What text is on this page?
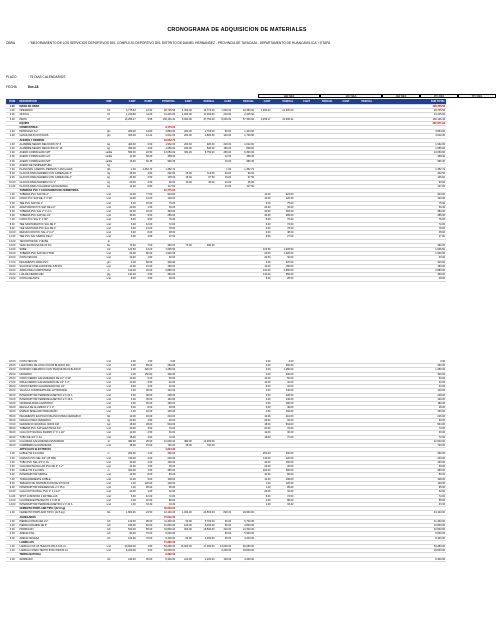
CRONOGRAMA DE ADQUISICION DE MATERIALES
OBRA	: "MEJORAMIENTO DE LOS SERVICIOS DEPORTIVOS DEL COMPLEJO DEPORTIVO DEL DISTRITO DE DANIEL HERNANDEZ - PROVINCIA DE TAYACAJA - DEPARTAMENTO DE HUANCAVELICA" I ETAPA
PLAZO	: 75 DIAS CALENDARIOS
FECHA	Ene-18
1ER MES	2DO MES	3ER MES	4TO MES	5TO MES
ITEM	DESCRIPCION	UND	CANT	P.UNIT	P.PARCIAL	CANT	PARCIAL	CANT	PARCIAL	CANT	PARCIAL	CANT	PARCIAL	CANT	PARCIAL	SUB TOTAL
1.00	MANO DE OBRA															198,458.58
1.00	OPERARIO	hh	3,775.63	12.90	48,705.56	1,300.00	16,770.00	1,500.00	19,350.00	1,000.00	12,900.00					48,705.56
2.00	OFICIAL	hh	1,219.60	11.00	13,415.60	1,000.00	11,000.00	219.60	2,415.60							13,415.60
3.00	PEON	hh	14,256.17	9.55	136,146.42	5,000.00	47,750.00	6,000.00	57,300.00	3,256.17	31,096.42					136,146.42
	EQUIPO															287,871.90
	COMBUSTIBLE				8,476.00											
1.00	PETROLEO D-2	gln	280.00	13.80	3,864.00	200.00	2,760.00	80.00	1,104.00							3,864.00
2.00	GASOLINA 84 OCTANOS	gln	320.00	14.41	4,612.00	200.00	2,882.50	120.00	1,729.50							4,612.00
	ACEROS Y FIERROS				18,062.70											
1.00	ALAMBRE NEGRO RECOCIDO N° 8	kg	420.00	4.60	1,932.00	200.00	920.00	220.00	1,012.00							1,932.00
2.00	ALAMBRE NEGRO RECOCIDO N° 16	kg	360.00	4.60	1,656.00	180.00	828.00	180.00	828.00							1,656.00
3.00	ACERO CORRUGADO 3/8"	varilla	580.00	22.50	13,050.00	300.00	6,750.00	280.00	6,300.00							13,050.00
4.00	ACERO CORRUGADO 1/2"	varilla	12.00	38.20	458.40			12.00	458.40							458.40
5.00	ACERO CORRUGADO 5/8"	varilla	16.00	60.38	966.30			16.00	966.30							966.30
6.00	ACERO DE TEMPERATURA	kg														
7.00	PLANCHAS, ACEROS, PERNOS Y ANCLAJES	glb	1.00	1,352.72	1,352.72			1.00	1,352.72							1,352.72
8.00	CLAVOS PARA MADERA CON CABEZA DE 3"	kg	45.00	4.50	202.50	25.00	112.50	20.00	90.00							202.50
9.00	CLAVOS PARA MADERA CON CABEZA DE 2"	kg	30.00	4.50	135.00	15.00	67.50	15.00	67.50							135.00
10.00	CLAVOS PARA MADERA C/C 4"	kg	20.00	4.50	90.00	10.00	45.00	10.00	45.00							90.00
11.00	CLAVOS PARA CALAMINA GALVANIZADA	kg	12.00	9.80	117.60			12.00	117.60							117.60
	TUBERIAS PVC Y ACCESORIOS DE FERRETERIA				10,775.06											
1.00	TUBERIA PVC SAP DE 4"	und	12.00	77.00	924.00					12.00	924.00					924.00
2.00	CODO PVC SAP DE 4" X 90°	und	10.00	12.00	120.00					10.00	120.00					120.00
3.00	TEE PVC SAP DE 4"	und	5.00	15.00	75.00					5.00	75.00					75.00
4.00	ADAPTADOR PVC SAP DE 1/2"	und	20.00	1.50	30.00					20.00	30.00					30.00
5.00	TUBERIA PVC SAL 2" X 3 m	und	24.00	16.00	384.00					24.00	384.00					384.00
6.00	TUBERIA PVC SAP DE 1/2"	und	30.00	9.50	285.00					30.00	285.00					285.00
7.00	CODO PVC SAL 4" X 90°	und	8.00	9.50	76.00					8.00	76.00					76.00
8.00	TEE SANITARIA PVC SAL DE 4"	und	6.00	12.00	72.00					6.00	72.00					72.00
9.00	YEE SANITARIA PVC SAL DE 4"	und	6.00	13.00	78.00					6.00	78.00					78.00
10.00	REDUCCION PVC SAL 4" A 2"	und	6.00	8.00	48.00					6.00	48.00					48.00
11.00	TEE PVC SAL SIMPLE DE 2"	und	6.00	4.50	27.00					6.00	27.00					27.00
12.00	TECNOPOR DE 1" BASE	pl														
13.00	YESO EN BOLSA DE 20 KG	bls	70.00	7.00	490.00	70.00	490.00									490.00
14.00	SOBE	m2	123.50	13.00	1,605.50					123.50	1,605.50					1,605.50
15.00	TUBERIA PVC SAP DE 6"X5M	und	24.00	80.00	1,920.00					24.00	1,920.00					1,920.00
16.00	CINTA TEFLON	und	20.00	1.50	30.00					20.00	30.00					30.00
17.00	PEGAMENTO PARA PVC	gln	4.00	80.00	320.00					4.00	320.00					320.00
18.00	SILICONA C/SELLADOR DE JUNTAS	und	12.00	15.00	180.00					12.00	180.00					180.00
19.00	ARMA PARA CARPINTERIA	m	144.00	20.00	2,880.00					144.00	2,880.00					2,880.00
20.00	LIJA DE FIERRO #80	plg	144.00	2.50	360.00					144.00	360.00					360.00
21.00	CINTA AISLANTE	und	8.00	3.50	28.00					8.00	28.00					28.00
22.00	CINTA TEFLON	und	2.00	1.50	3.00					2.00	3.00					3.00
23.00	LAVATORIO DE LOSA COLOR BLANCO INC.	und	4.00	65.00	260.00					4.00	260.00					260.00
24.00	INODORO CERAMICO CON TANQUE BAJO BLANCO	und	4.00	320.00	1,280.00					4.00	1,280.00					1,280.00
25.00	URINARIO	und	2.00	150.00	300.00					2.00	300.00					300.00
26.00	CODO FIERRO GALVANIZADO DE 1/2" X 90°	und	10.00	5.00	50.00					10.00	50.00					50.00
27.00	NIPLE FIERRO GALVANIZADO DE 1/2" X 2"	und	12.00	3.50	42.00					12.00	42.00					42.00
28.00	UNION FIERRO GALVANIZADO DE 1/2"	und	8.00	4.00	32.00					8.00	32.00					32.00
29.00	VALVULA COMPUERTA DE 1/2" BRONCE	und	4.00	35.00	140.00					4.00	140.00					140.00
30.00	INTERRUPTOR TERMOMAGNETICO 2 X 20 A	und	6.00	38.00	228.00					6.00	228.00					228.00
31.00	INTERRUPTOR TERMOMAGNETICO 2 X 16 A	und	4.00	35.00	140.00					4.00	140.00					140.00
32.00	GRIFERIA PARA LAVATORIO	und	4.00	45.00	180.00					4.00	180.00					180.00
33.00	REJILLA DE ALUMINIO 2" X 2"	und	6.00	8.00	48.00					6.00	48.00					48.00
34.00	ESPEJO BISELADO PARA BAÑO	und	4.00	40.00	160.00					4.00	160.00					160.00
35.00	PEGAMENTO EN POLVO BLANCO PARA CERAMICO	bls	12.00	18.00	216.00					12.00	216.00					216.00
36.00	FRAGUA PARA CERAMICO	kg	20.00	4.50	90.00					20.00	90.00					90.00
37.00	CERAMICO NACIONAL 30X30 CM	m2	18.00	28.00	504.00					18.00	504.00					504.00
38.00	TUBERIA PVC SAP ELECTRICA 3/4"	und	20.00	3.50	70.00					20.00	70.00					70.00
39.00	CAJA OCTOGONAL FIERRO 4" X 1 1/2"	und	12.00	2.50	30.00					12.00	30.00					30.00
40.00	TUBO DE 3/4" X 3m	und	18.00	4.00	72.00					18.00	72.00					72.00
41.00	CALAMINA GALVANIZADA ESTANDAR	pl	480.00	25.00	12,000.00	480.00	12,000.00									12,000.00
42.00	CUMBRERA GALVANIZADA	und	48.00	15.00	720.00	48.00	720.00									720.00
	ARTICULOS ELECTRICOS				1,824.32											
1.00	CABLE TW # 14 AWG	m	250.00	1.20	300.00					250.00	300.00					300.00
2.00	CURVAS PVC-SEL 3/4" (25 MM)	und	110.00	2.00	220.00					110.00	220.00					220.00
3.00	TUBO PVC SEL 3/4" X 3m	und	40.00	4.00	160.00					40.00	160.00					160.00
4.00	CAJA RECTANGULAR PVC DE 4" X 2"	und	24.00	1.50	36.00					24.00	36.00					36.00
5.00	CABLE TW # 12 AWG	m	300.00	1.60	480.00					300.00	480.00					480.00
6.00	INTERRUPTOR SIMPLE	und	10.00	8.00	80.00					10.00	80.00					80.00
7.00	TOMACORRIENTE DOBLE	und	12.00	9.00	108.00					12.00	108.00					108.00
8.00	TABLERO DE DISTRIBUCION DE 6 POLOS	und	1.00	120.00	120.00					1.00	120.00					120.00
9.00	INTERRUPTOR DIFERENCIAL 2 X 25 A	und	1.00	95.00	95.00					1.00	95.00					95.00
10.00	CAJA OCTOGONAL PVC 4" X 2 1/2"	und	20.00	1.60	32.00					20.00	32.00					32.00
11.00	SPOT LUMINOSO 2 ESTRELLAS	und	6.00	12.00	72.00					6.00	72.00					72.00
12.00	FLUORESCENTE RECTO 2 X 36 W	und	4.00	22.00	88.00					4.00	88.00					88.00
13.00	INTERRUPTOR TERMOMAGNETICO 2 X 32 A	und	1.00	33.32	33.32					1.00	33.32					33.32
	CEMENTO PORTLAND TIPO I (42.5 kg)				46,000.00											
1.00	CEMENTO PORTLAND TIPO I (42.5 kg)	bls	1,800.00	24.50	44,100.00	1,000.00	24,500.00	800.00	19,600.00							44,100.00
	AGREGADOS				70,001.00											
1.00	PIEDRA CHANCADA 1/2"	m3	120.00	95.00	11,400.00	60.00	5,700.00	60.00	5,700.00							11,400.00
2.00	PIEDRA GRANDE DE 8"	m3	180.00	60.00	10,800.00	100.00	6,000.00	80.00	4,800.00							10,800.00
3.00	HORMIGON	m3	520.00	65.00	33,800.00	300.00	19,500.00	220.00	14,300.00							33,800.00
4.00	ARENA FINA	m3	80.00	70.00	5,600.00			80.00	5,600.00							5,600.00
5.00	ARENA GRUESA	m3	120.00	70.00	8,400.00	60.00	4,200.00	60.00	4,200.00							8,400.00
	LADRILLOS				71,880.00											
1.00	LADRILLO KK 18 HUECOS 9X13 X24 cm	und	29,600.00	1.80	53,280.00	15,000.00	27,000.00	14,600.00	26,280.00							53,280.00
2.00	LADRILLO PARA TECHO 8X30 X30X30 cm	und	6,200.00	3.00	18,600.00			6,200.00	18,600.00							18,600.00
	TIERRA NATURAL				6,682.00											
1.00	AFIRMADO	m3	240.00	35.00	8,400.00	120.00	4,200.00	120.00	4,200.00							8,400.00
